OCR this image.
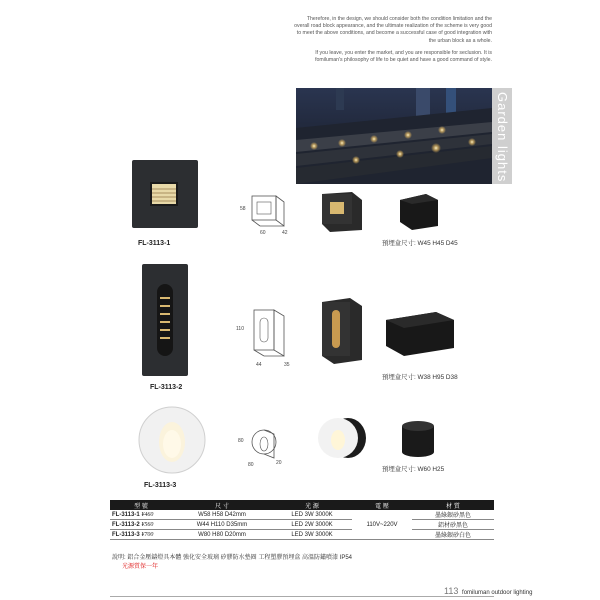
Therefore, in the design, we should consider both the condition limitation and the overall road block appearance, and the ultimate realization of the scheme is very good to meet the above conditions, and become a successful case of good integration with the urban block as a whole.

If you leave, you enter the market, and you are responsible for seclusion. It is fomiluman's philosophy of life to be quiet and have a good command of style.

Garden lights
FL-3113-1
58
60	42
預埋盒尺寸: W45 H45 D45
FL-3113-2
110
44	35
預埋盒尺寸: W38 H95 D38
FL-3113-3
80
80	20
預埋盒尺寸: W60 H25
型 號	尺 寸	光 源	電 壓	材 質
FL-3113-1 ¥460	W58 H58 D42mm	LED 3W 3000K	110V~220V	墨綠銀砂黑色
FL-3113-2 ¥560	W44 H110 D35mm	LED 2W 3000K		鋁材砂黑色
FL-3113-3 ¥700	W80 H80 D20mm	LED 3W 3000K		墨綠銀砂白色
說明: 鋁合金壓鑄燈具本體 強化安全玻璃 矽膠防水墊圈 工程塑膠預埋盒 高溫防鏽噴漆 IP54
光源質保一年
113 fomiluman outdoor lighting
